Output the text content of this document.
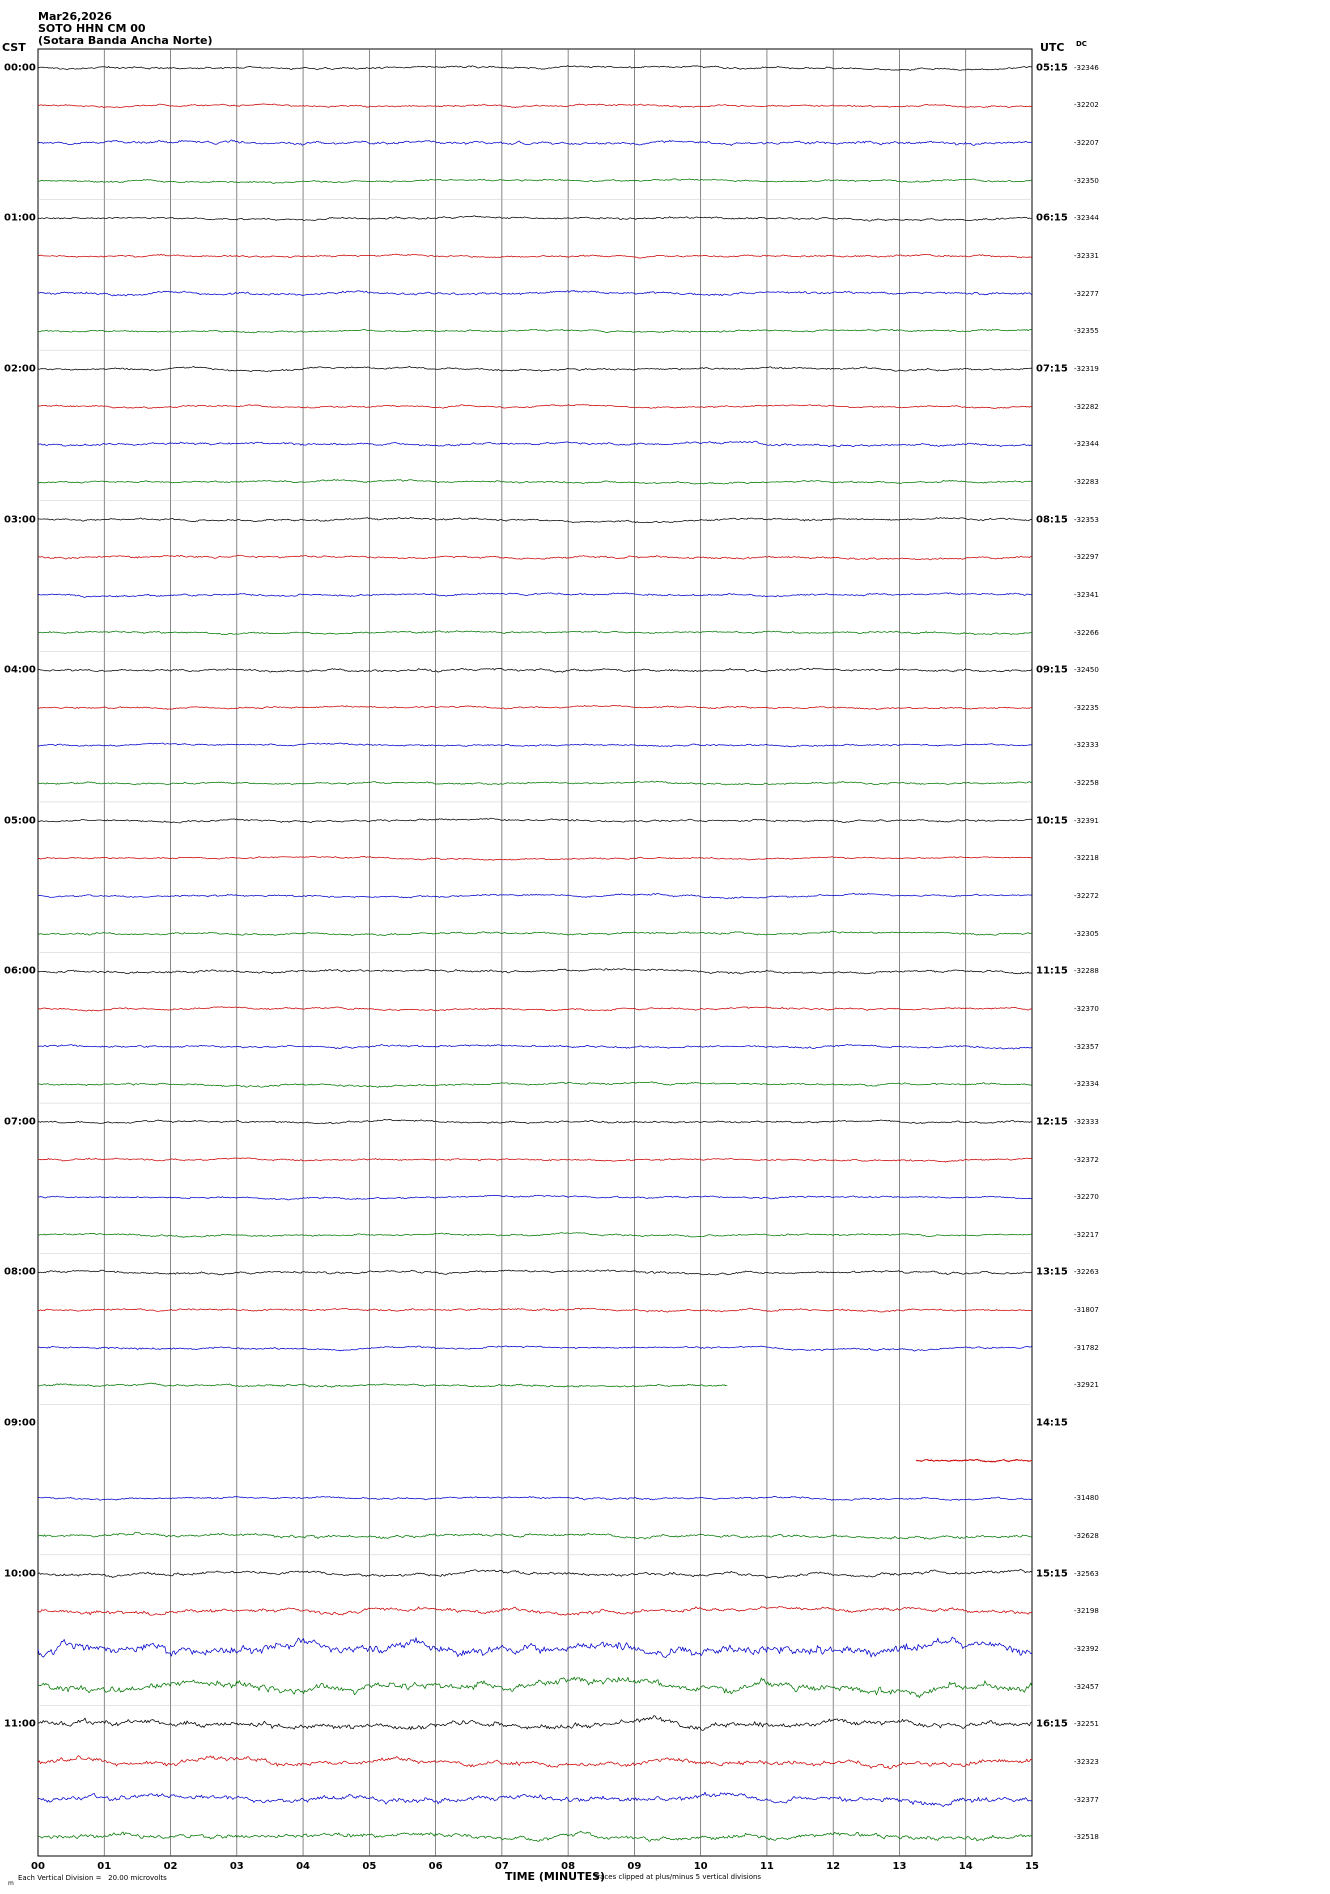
Mar26,2026
SOTO HHN CM 00
(Sotara Banda Ancha Norte)
CST	UTC DC
00:00
01:00
02:00
03:00
04:00
05:00
06:00
07:00
08:00
09:00
10:00
11:00
05:15
06:15
07:15
08:15
09:15
10:15
11:15
12:15
13:15
14:15
15:15
16:15
-32346
-32202
-32207
-32350
-32344
-32331
-32277
-32355
-32319
-32282
-32344
-32283
-32353
-32297
-32341
-32266
-32450
-32235
-32333
-32258
-32391
-32218
-32272
-32305
-32288
-32370
-32357
-32334
-32333
-32372
-32270
-32217
-32263
-31807
-31782
-32921
-31480
-32628
-32563
-32198
-32392
-32457
-32251
-32323
-32377
-32518
00	01	02	03	04	05	06	07	08	09	10	11	12	13	14	15
Each Vertical Division =   20.00 microvolts
m
TIME (MINUTES)
Traces clipped at plus/minus 5 vertical divisions
